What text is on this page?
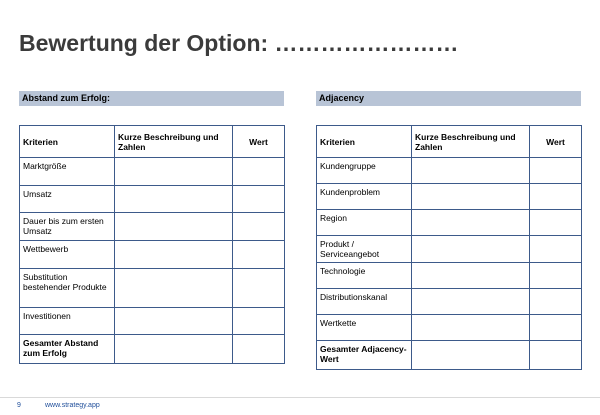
Bewertung der Option: ……………………
Abstand zum Erfolg:	Adjacency
Kriterien	Kurze Beschreibung und Zahlen	Wert
Marktgröße		
Umsatz		
Dauer bis zum ersten Umsatz		
Wettbewerb		
Substitution bestehender Produkte		
Investitionen		
Gesamter Abstand zum Erfolg		
Kriterien	Kurze Beschreibung und Zahlen	Wert
Kundengruppe		
Kundenproblem		
Region		
Produkt / Serviceangebot		
Technologie		
Distributionskanal		
Wertkette		
Gesamter Adjacency-Wert		
9	www.strategy.app
